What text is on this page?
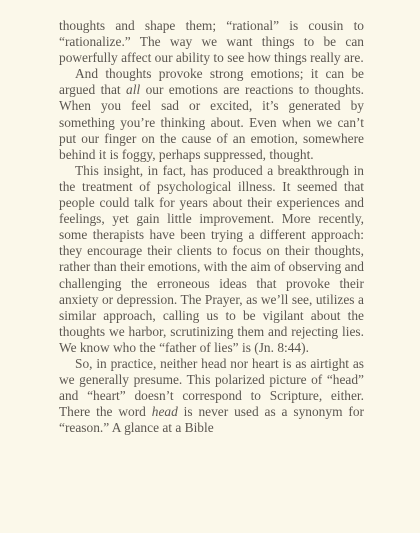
thoughts and shape them; “rational” is cousin to “rationalize.” The way we want things to be can powerfully affect our ability to see how things really are.

And thoughts provoke strong emotions; it can be argued that all our emotions are reactions to thoughts. When you feel sad or excited, it’s generated by something you’re thinking about. Even when we can’t put our finger on the cause of an emotion, somewhere behind it is foggy, perhaps suppressed, thought.

This insight, in fact, has produced a breakthrough in the treatment of psychological illness. It seemed that people could talk for years about their experiences and feelings, yet gain little improvement. More recently, some therapists have been trying a different approach: they encourage their clients to focus on their thoughts, rather than their emotions, with the aim of observing and challenging the erroneous ideas that provoke their anxiety or depression. The Prayer, as we’ll see, utilizes a similar approach, calling us to be vigilant about the thoughts we harbor, scrutinizing them and rejecting lies. We know who the “father of lies” is (Jn. 8:44).

So, in practice, neither head nor heart is as airtight as we generally presume. This polarized picture of “head” and “heart” doesn’t correspond to Scripture, either. There the word head is never used as a synonym for “reason.” A glance at a Bible
